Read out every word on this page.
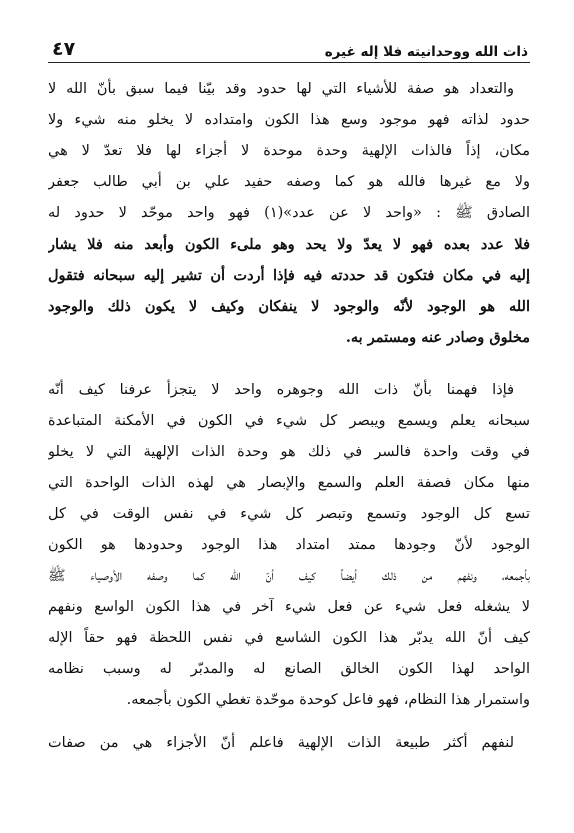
ذات الله ووحدانيته فلا إله غيره
٤٧
والتعداد هو صفة للأشياء التي لها حدود وقد بيّنا فيما سبق بأنّ الله لا
حدود لذاته فهو موجود وسع هذا الكون وامتداده لا يخلو منه شيء ولا
مكان، إذاً فالذات الإلهية وحدة موحدة لا أجزاء لها فلا تعدّ لا هي
ولا مع غيرها فالله هو كما وصفه حفيد علي بن أبي طالب جعفر
الصادق ﷺ : «واحد لا عن عدد»(١) فهو واحد موحّد لا حدود له
فلا عدد بعده فهو لا يعدّ ولا يحد وهو ملىء الكون وأبعد منه فلا يشار
إليه في مكان فتكون قد حددته فيه فإذا أردت أن تشير إليه سبحانه فتقول
الله هو الوجود لأنّه والوجود لا ينفكان وكيف لا يكون ذلك والوجود
مخلوق وصادر عنه ومستمر به.
فإذا فهمنا بأنّ ذات الله وجوهره واحد لا يتجزأ عرفنا كيف أنّه
سبحانه يعلم ويسمع ويبصر كل شيء في الكون في الأمكنة المتباعدة
في وقت واحدة فالسر في ذلك هو وحدة الذات الإلهية التي لا يخلو
منها مكان فصفة العلم والسمع والإبصار هي لهذه الذات الواحدة التي
تسع كل الوجود وتسمع وتبصر كل شيء في نفس الوقت في كل
الوجود لأنّ وجودها ممتد امتداد هذا الوجود وحدودها هو الكون
بأجمعه، ونفهم من ذلك أيضاً كيف أنّ الله كما وصفه الأوصياء ﷺ
لا يشغله فعل شيء عن فعل شيء آخر في هذا الكون الواسع ونفهم
كيف أنّ الله يدبّر هذا الكون الشاسع في نفس اللحظة فهو حقاً الإله
الواحد لهذا الكون الخالق الصانع له والمدبّر له وسبب نظامه
واستمرار هذا النظام، فهو فاعل كوحدة موحّدة تغطي الكون بأجمعه.
لنفهم أكثر طبيعة الذات الإلهية فاعلم أنّ الأجزاء هي من صفات
